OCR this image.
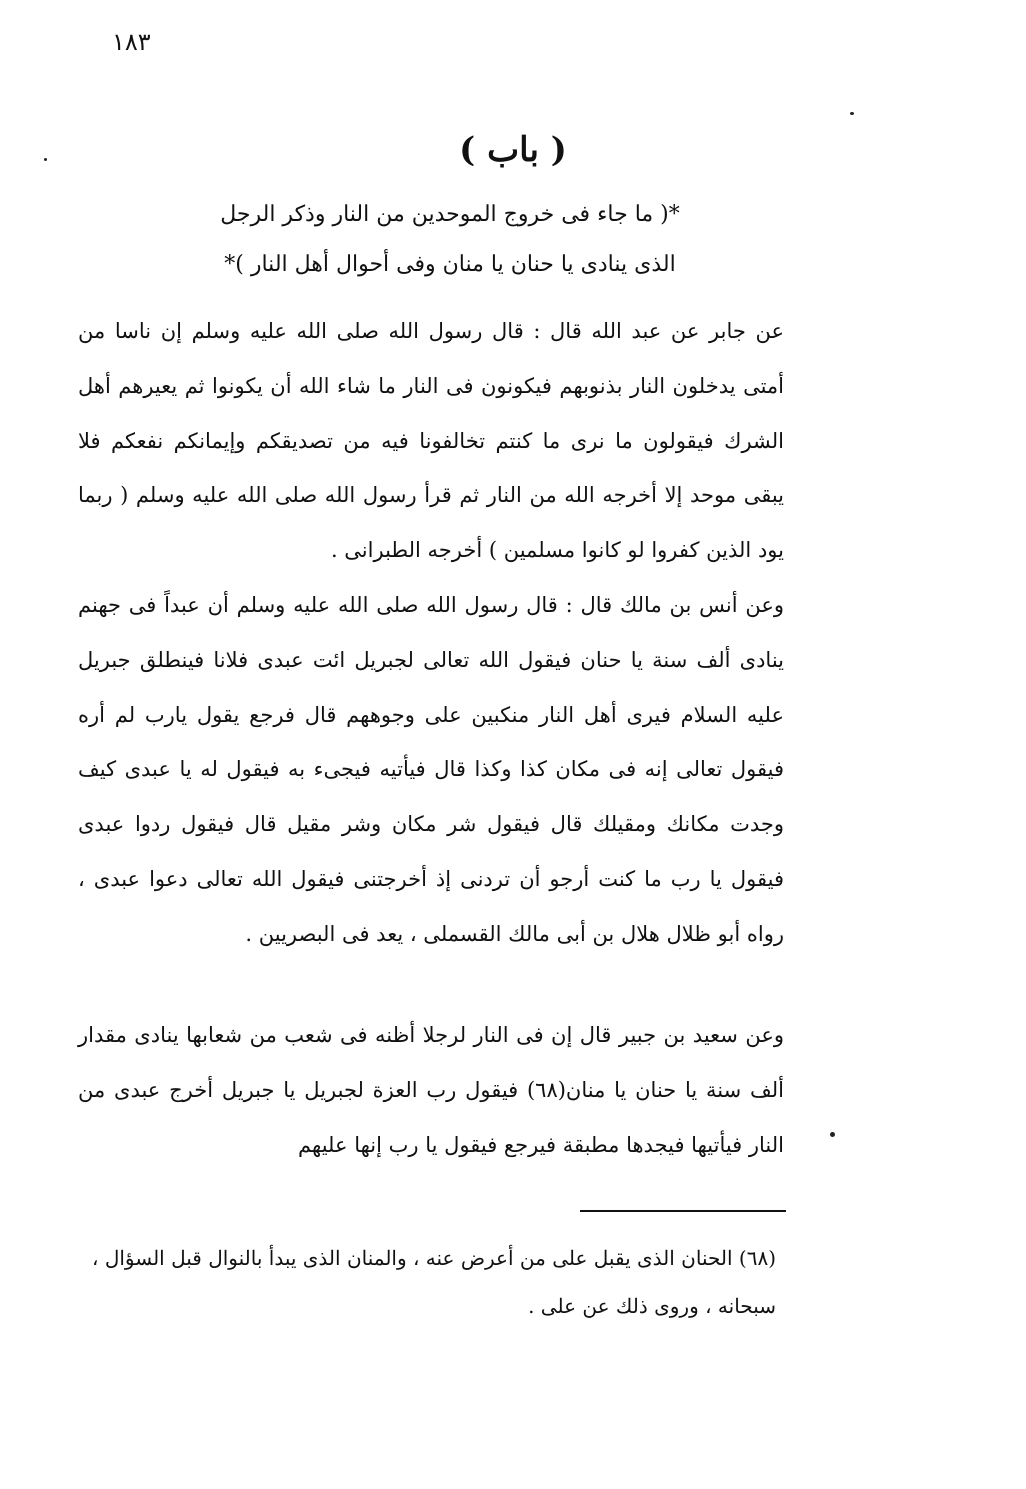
١٨٣
( باب )
*( ما جاء فى خروج الموحدين من النار وذكر الرجل
الذى ينادى يا حنان يا منان وفى أحوال أهل النار )*

عن جابر عن عبد الله قال : قال رسول الله صلى الله عليه وسلم إن ناسا من أمتى يدخلون النار بذنوبهم فيكونون فى النار ما شاء الله أن يكونوا ثم يعيرهم أهل الشرك فيقولون ما نرى ما كنتم تخالفونا فيه من تصديقكم وإيمانكم نفعكم فلا يبقى موحد إلا أخرجه الله من النار ثم قرأ رسول الله صلى الله عليه وسلم ( ربما يود الذين كفروا لو كانوا مسلمين ) أخرجه الطبرانى .

وعن أنس بن مالك قال : قال رسول الله صلى الله عليه وسلم أن عبداً فى جهنم ينادى ألف سنة يا حنان فيقول الله تعالى لجبريل ائت عبدى فلانا فينطلق جبريل عليه السلام فيرى أهل النار منكبين على وجوههم قال فرجع يقول يارب لم أره فيقول تعالى إنه فى مكان كذا وكذا قال فيأتيه فيجىء به فيقول له يا عبدى كيف وجدت مكانك ومقيلك قال فيقول شر مكان وشر مقيل قال فيقول ردوا عبدى فيقول يا رب ما كنت أرجو أن تردنى إذ أخرجتنى فيقول الله تعالى دعوا عبدى ، رواه أبو ظلال هلال بن أبى مالك القسملى ، يعد فى البصريين .

وعن سعيد بن جبير قال إن فى النار لرجلا أظنه فى شعب من شعابها ينادى مقدار ألف سنة يا حنان يا منان(٦٨) فيقول رب العزة لجبريل يا جبريل أخرج عبدى من النار فيأتيها فيجدها مطبقة فيرجع فيقول يا رب إنها عليهم

(٦٨) الحنان الذى يقبل على من أعرض عنه ، والمنان الذى يبدأ بالنوال قبل السؤال ، سبحانه ، وروى ذلك عن على .
